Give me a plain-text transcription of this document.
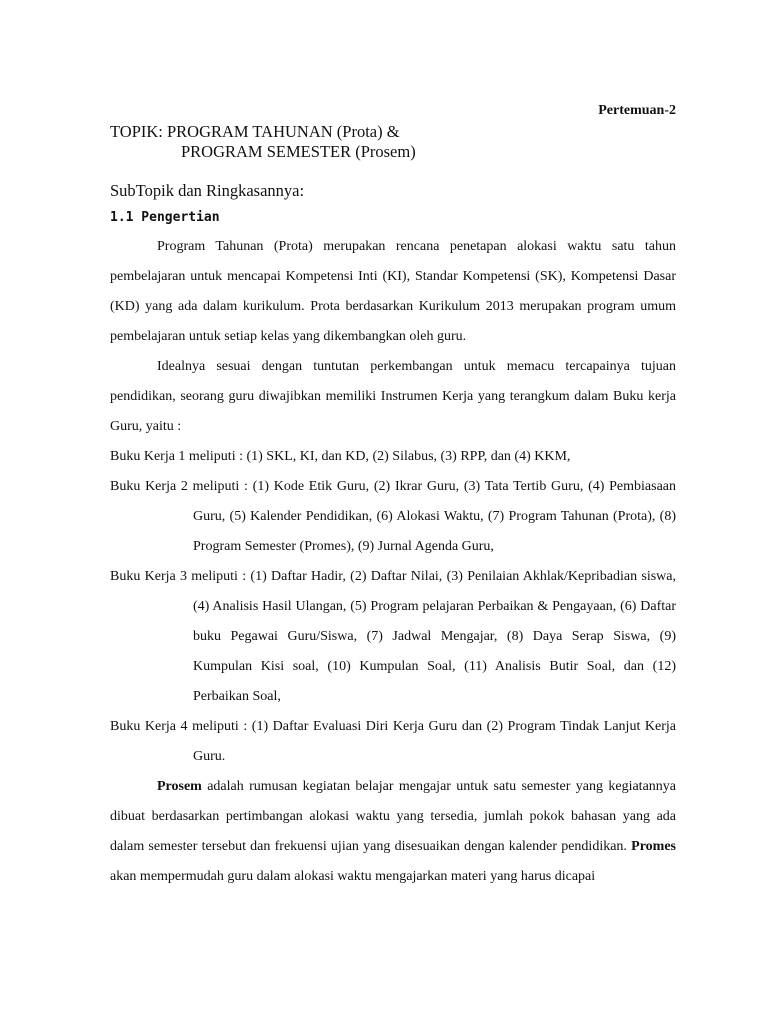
Pertemuan-2
TOPIK: PROGRAM TAHUNAN (Prota) &
PROGRAM SEMESTER (Prosem)
SubTopik dan Ringkasannya:
1.1 Pengertian

Program Tahunan (Prota) merupakan rencana penetapan alokasi waktu satu tahun pembelajaran untuk mencapai Kompetensi Inti (KI), Standar Kompetensi (SK), Kompetensi Dasar (KD) yang ada dalam kurikulum. Prota berdasarkan Kurikulum 2013 merupakan program umum pembelajaran untuk setiap kelas yang dikembangkan oleh guru.

Idealnya sesuai dengan tuntutan perkembangan untuk memacu tercapainya tujuan pendidikan, seorang guru diwajibkan memiliki Instrumen Kerja yang terangkum dalam Buku kerja Guru, yaitu :

Buku Kerja 1 meliputi : (1) SKL, KI, dan KD, (2) Silabus, (3) RPP, dan (4) KKM,

Buku Kerja 2 meliputi : (1) Kode Etik Guru, (2) Ikrar Guru, (3) Tata Tertib Guru, (4) Pembiasaan Guru, (5) Kalender Pendidikan, (6) Alokasi Waktu, (7) Program Tahunan (Prota), (8) Program Semester (Promes), (9) Jurnal Agenda Guru,

Buku Kerja 3 meliputi : (1) Daftar Hadir, (2) Daftar Nilai, (3) Penilaian Akhlak/Kepribadian siswa, (4) Analisis Hasil Ulangan, (5) Program pelajaran Perbaikan & Pengayaan, (6) Daftar buku Pegawai Guru/Siswa, (7) Jadwal Mengajar, (8) Daya Serap Siswa, (9) Kumpulan Kisi soal, (10) Kumpulan Soal, (11) Analisis Butir Soal, dan (12) Perbaikan Soal,

Buku Kerja 4 meliputi : (1) Daftar Evaluasi Diri Kerja Guru dan (2) Program Tindak Lanjut Kerja Guru.

Prosem adalah rumusan kegiatan belajar mengajar untuk satu semester yang kegiatannya dibuat berdasarkan pertimbangan alokasi waktu yang tersedia, jumlah pokok bahasan yang ada dalam semester tersebut dan frekuensi ujian yang disesuaikan dengan kalender pendidikan. Promes akan mempermudah guru dalam alokasi waktu mengajarkan materi yang harus dicapai
